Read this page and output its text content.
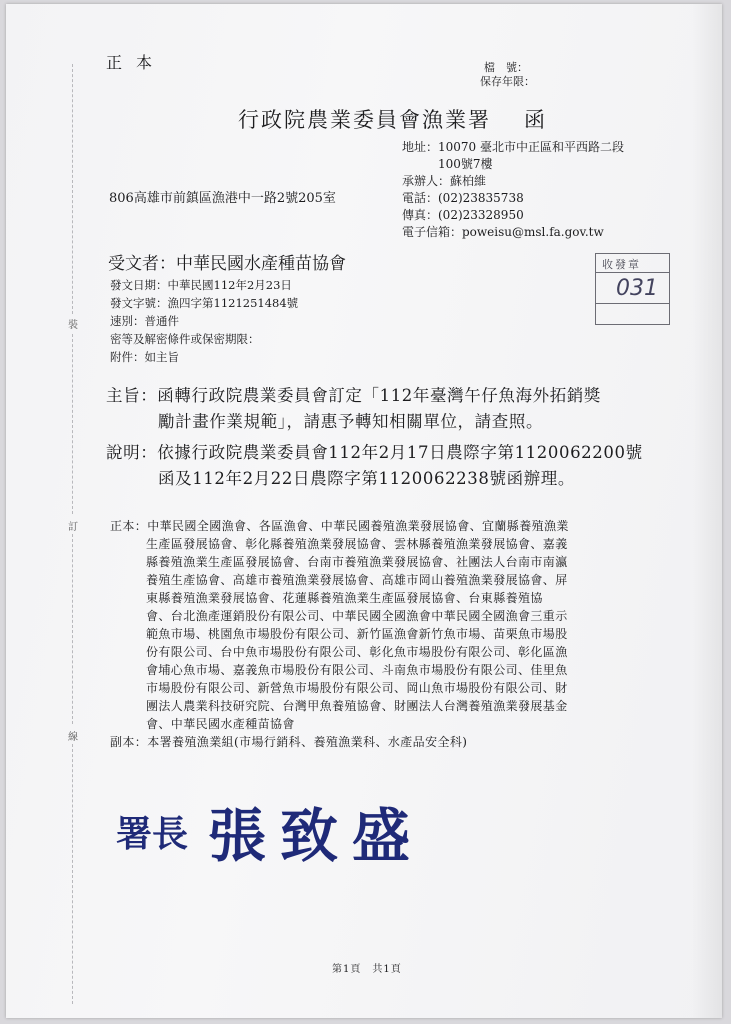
裝
訂
線
正本	檔　號：
保存年限：
行政院農業委員會漁業署 函
地址：10070 臺北市中正區和平西路二段
100號7樓
承辦人：蘇柏維
電話：(02)23835738
傳真：(02)23328950
電子信箱：poweisu@msl.fa.gov.tw
806高雄市前鎮區漁港中一路2號205室
受文者：中華民國水產種苗協會
發文日期：中華民國112年2月23日
發文字號：漁四字第1121251484號
速別：普通件
密等及解密條件或保密期限：
附件：如主旨
收發章
031
主旨：函轉行政院農業委員會訂定「112年臺灣午仔魚海外拓銷獎
勵計畫作業規範」，請惠予轉知相關單位，請查照。
說明：依據行政院農業委員會112年2月17日農際字第1120062200號
函及112年2月22日農際字第1120062238號函辦理。
正本：中華民國全國漁會、各區漁會、中華民國養殖漁業發展協會、宜蘭縣養殖漁業
生產區發展協會、彰化縣養殖漁業發展協會、雲林縣養殖漁業發展協會、嘉義
縣養殖漁業生產區發展協會、台南市養殖漁業發展協會、社團法人台南市南瀛
養殖生產協會、高雄市養殖漁業發展協會、高雄市岡山養殖漁業發展協會、屏
東縣養殖漁業發展協會、花蓮縣養殖漁業生產區發展協會、台東縣養殖協
會、台北漁產運銷股份有限公司、中華民國全國漁會中華民國全國漁會三重示
範魚市場、桃園魚市場股份有限公司、新竹區漁會新竹魚市場、苗栗魚市場股
份有限公司、台中魚市場股份有限公司、彰化魚市場股份有限公司、彰化區漁
會埔心魚市場、嘉義魚市場股份有限公司、斗南魚市場股份有限公司、佳里魚
市場股份有限公司、新營魚市場股份有限公司、岡山魚市場股份有限公司、財
團法人農業科技研究院、台灣甲魚養殖協會、財團法人台灣養殖漁業發展基金
會、中華民國水產種苗協會
副本：本署養殖漁業組(市場行銷科、養殖漁業科、水產品安全科)
署長 張致盛
第1頁　共1頁
